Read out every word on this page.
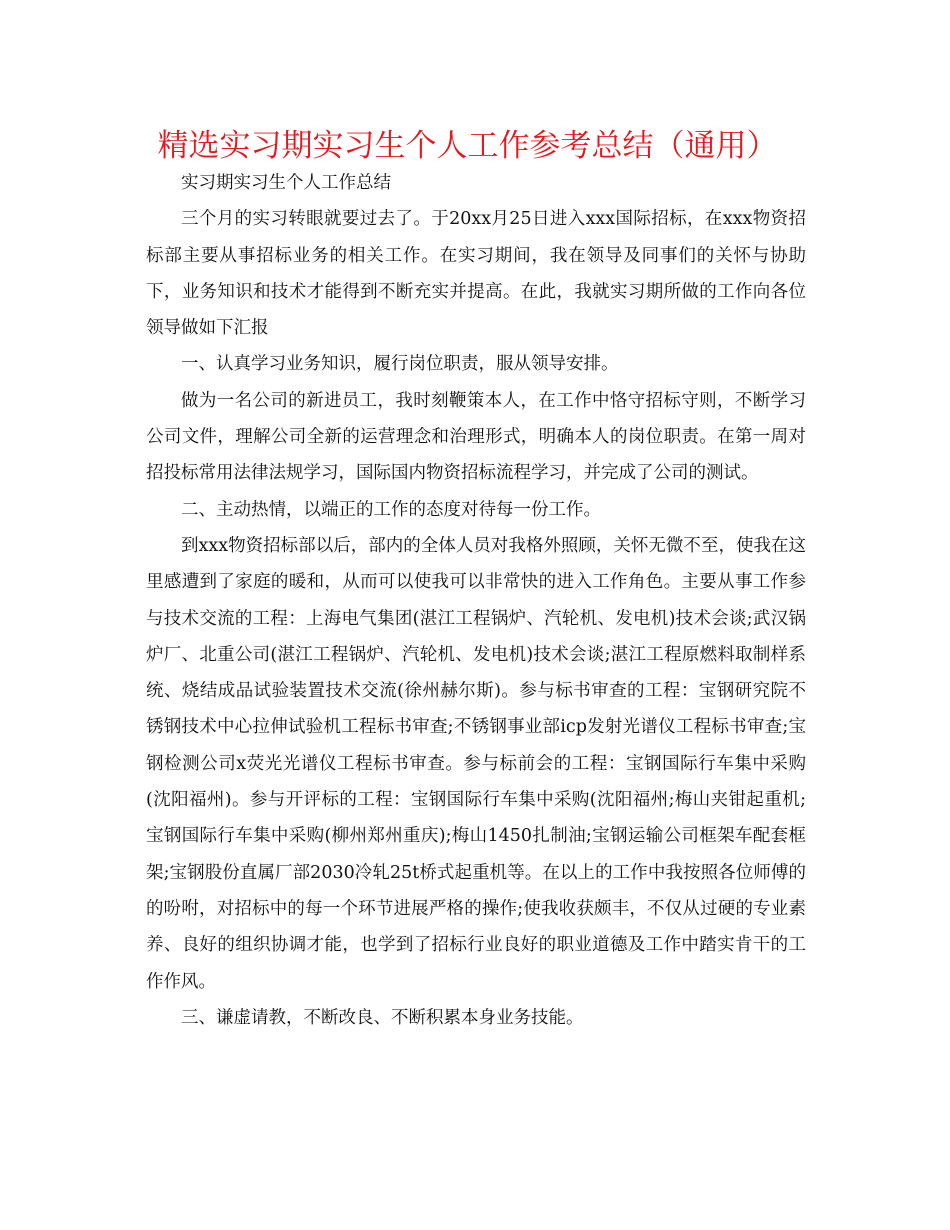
精选实习期实习生个人工作参考总结（通用）

实习期实习生个人工作总结

三个月的实习转眼就要过去了。于20xx月25日进入xxx国际招标，在xxx物资招标部主要从事招标业务的相关工作。在实习期间，我在领导及同事们的关怀与协助下，业务知识和技术才能得到不断充实并提高。在此，我就实习期所做的工作向各位领导做如下汇报

一、认真学习业务知识，履行岗位职责，服从领导安排。

做为一名公司的新进员工，我时刻鞭策本人，在工作中恪守招标守则，不断学习公司文件，理解公司全新的运营理念和治理形式，明确本人的岗位职责。在第一周对招投标常用法律法规学习，国际国内物资招标流程学习，并完成了公司的测试。

二、主动热情，以端正的工作的态度对待每一份工作。

到xxx物资招标部以后，部内的全体人员对我格外照顾，关怀无微不至，使我在这里感遭到了家庭的暖和，从而可以使我可以非常快的进入工作角色。主要从事工作参与技术交流的工程：上海电气集团(湛江工程锅炉、汽轮机、发电机)技术会谈;武汉锅炉厂、北重公司(湛江工程锅炉、汽轮机、发电机)技术会谈;湛江工程原燃料取制样系统、烧结成品试验装置技术交流(徐州赫尔斯)。参与标书审查的工程：宝钢研究院不锈钢技术中心拉伸试验机工程标书审查;不锈钢事业部icp发射光谱仪工程标书审查;宝钢检测公司x荧光光谱仪工程标书审查。参与标前会的工程：宝钢国际行车集中采购(沈阳福州)。参与开评标的工程：宝钢国际行车集中采购(沈阳福州;梅山夹钳起重机;宝钢国际行车集中采购(柳州郑州重庆);梅山1450扎制油;宝钢运输公司框架车配套框架;宝钢股份直属厂部2030冷轧25t桥式起重机等。在以上的工作中我按照各位师傅的的吩咐，对招标中的每一个环节进展严格的操作;使我收获颇丰，不仅从过硬的专业素养、良好的组织协调才能，也学到了招标行业良好的职业道德及工作中踏实肯干的工作作风。

三、谦虚请教，不断改良、不断积累本身业务技能。
